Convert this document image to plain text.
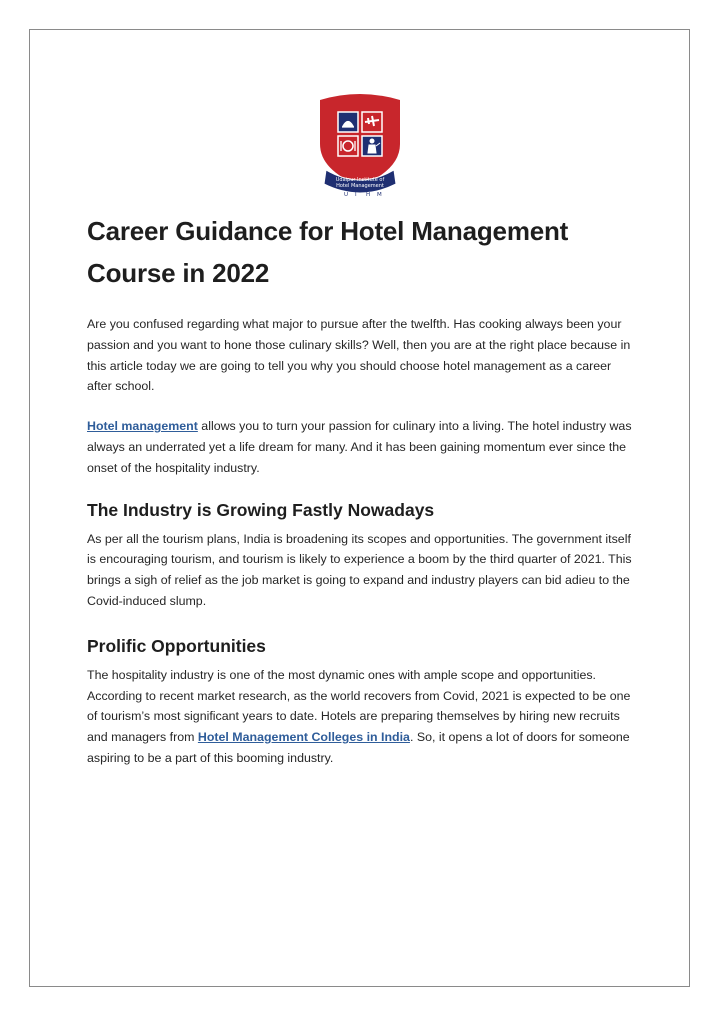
Udaipur Institute of
Hotel Management
U I H M
Career Guidance for Hotel Management Course in 2022

Are you confused regarding what major to pursue after the twelfth. Has cooking always been your passion and you want to hone those culinary skills? Well, then you are at the right place because in this article today we are going to tell you why you should choose hotel management as a career after school.

Hotel management allows you to turn your passion for culinary into a living. The hotel industry was always an underrated yet a life dream for many. And it has been gaining momentum ever since the onset of the hospitality industry.

The Industry is Growing Fastly Nowadays

As per all the tourism plans, India is broadening its scopes and opportunities. The government itself is encouraging tourism, and tourism is likely to experience a boom by the third quarter of 2021. This brings a sigh of relief as the job market is going to expand and industry players can bid adieu to the Covid-induced slump.

Prolific Opportunities

The hospitality industry is one of the most dynamic ones with ample scope and opportunities. According to recent market research, as the world recovers from Covid, 2021 is expected to be one of tourism’s most significant years to date. Hotels are preparing themselves by hiring new recruits and managers from Hotel Management Colleges in India. So, it opens a lot of doors for someone aspiring to be a part of this booming industry.
